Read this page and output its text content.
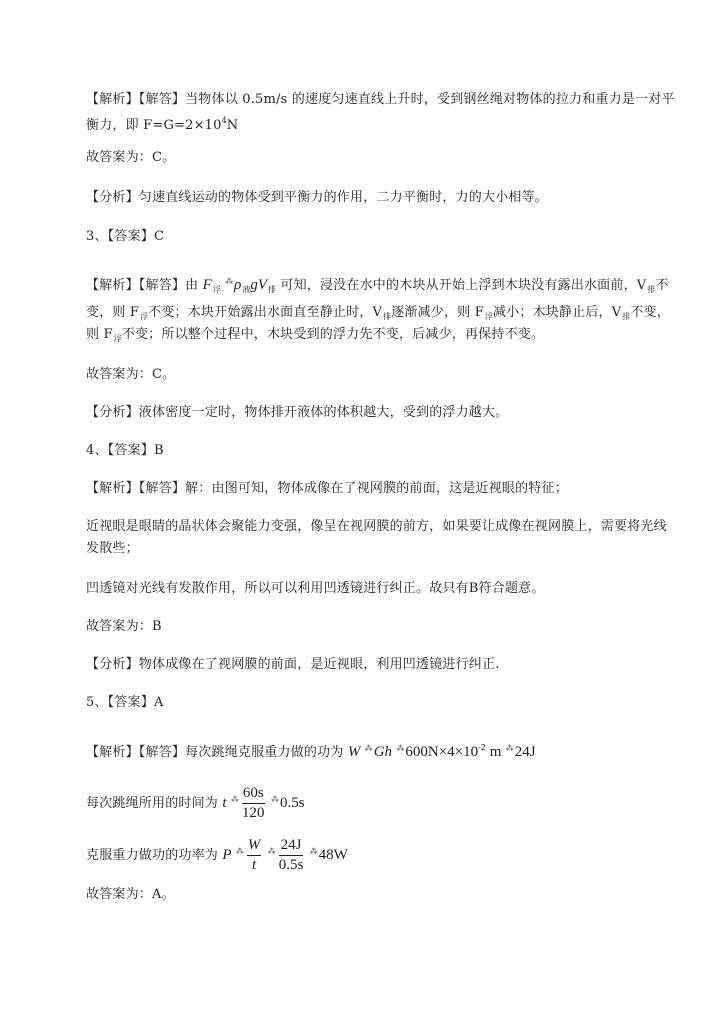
【解析】【解答】当物体以 0.5m/s 的速度匀速直线上升时，受到钢丝绳对物体的拉力和重力是一对平
衡力，即 $F=G=2\times 10^4N$
故答案为：C。
【分析】匀速直线运动的物体受到平衡力的作用，二力平衡时，力的大小相等。
3、【答案】C
【解析】【解答】由 $F_浮$ $^⁂\rho_液gV_排$ 可知，浸没在水中的木块从开始上浮到木块没有露出水面前，$V_排$不
变，则 $F_浮$不变；木块开始露出水面直至静止时，$V_排$逐渐减少，则 $F_浮$减小；木块静止后，$V_排$不变，
则 $F_浮$不变；所以整个过程中，木块受到的浮力先不变，后减少，再保持不变。
故答案为：C。
【分析】液体密度一定时，物体排开液体的体积越大，受到的浮力越大。
4、【答案】B
【解析】【解答】解：由图可知，物体成像在了视网膜的前面，这是近视眼的特征；
近视眼是眼睛的晶状体会聚能力变强，像呈在视网膜的前方，如果要让成像在视网膜上，需要将光线
发散些；
凹透镜对光线有发散作用，所以可以利用凹透镜进行纠正。故只有B符合题意。
故答案为：B
【分析】物体成像在了视网膜的前面，是近视眼，利用凹透镜进行纠正.
5、【答案】A
【解析】【解答】每次跳绳克服重力做的功为 W ⁂Gh $^⁂600N\times 4\times 10^{-2}$ m ⁂24J
每次跳绳所用的时间为 t $^⁂ \frac{60s}{120} ^⁂0.5s$
克服重力做功的功率为 P $^⁂ \frac{W}{t} ^⁂ \frac{24J}{0.5s} ^⁂48W$
故答案为：A。
